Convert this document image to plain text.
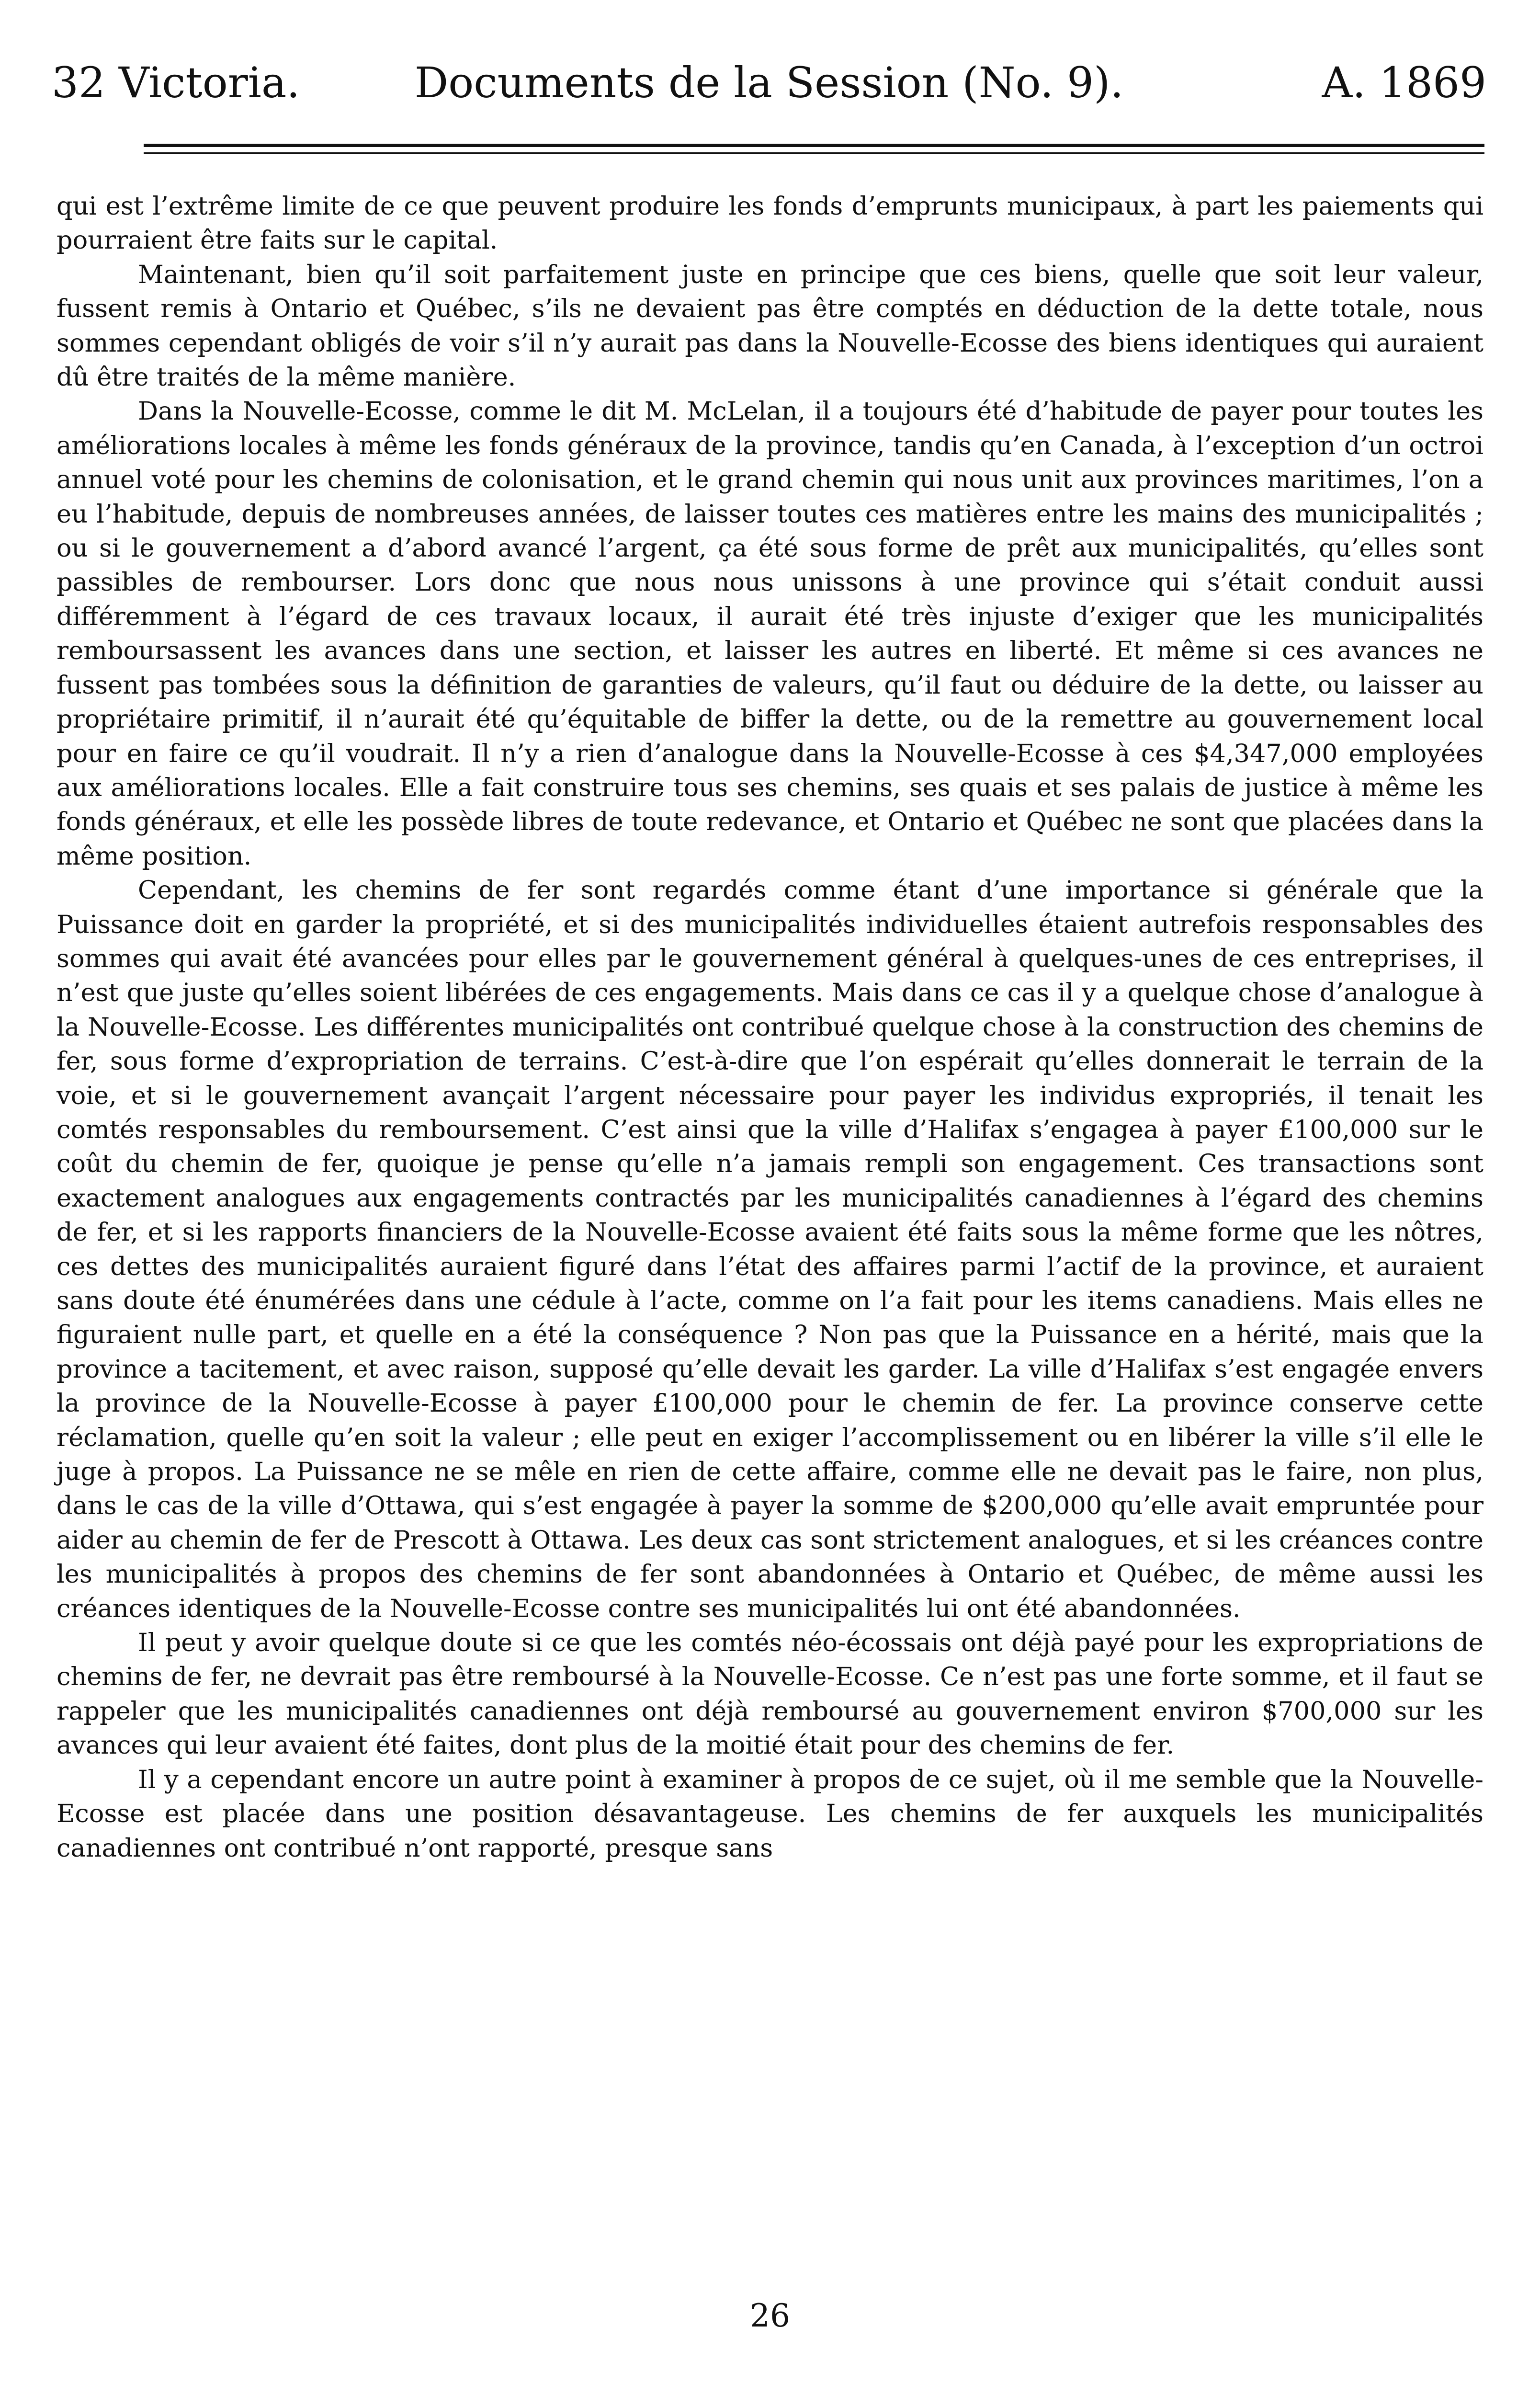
32 Victoria.	Documents de la Session (No. 9).	A. 1869

qui est l’extrême limite de ce que peuvent produire les fonds d’emprunts municipaux, à part les paiements qui pourraient être faits sur le capital.

Maintenant, bien qu’il soit parfaitement juste en principe que ces biens, quelle que soit leur valeur, fussent remis à Ontario et Québec, s’ils ne devaient pas être comptés en déduction de la dette totale, nous sommes cependant obligés de voir s’il n’y aurait pas dans la Nouvelle-Ecosse des biens identiques qui auraient dû être traités de la même manière.

Dans la Nouvelle-Ecosse, comme le dit M. McLelan, il a toujours été d’habitude de payer pour toutes les améliorations locales à même les fonds généraux de la province, tandis qu’en Canada, à l’exception d’un octroi annuel voté pour les chemins de colonisation, et le grand chemin qui nous unit aux provinces maritimes, l’on a eu l’habitude, depuis de nombreuses années, de laisser toutes ces matières entre les mains des municipalités ; ou si le gouvernement a d’abord avancé l’argent, ça été sous forme de prêt aux municipalités, qu’elles sont passibles de rembourser. Lors donc que nous nous unissons à une province qui s’était conduit aussi différemment à l’égard de ces travaux locaux, il aurait été très injuste d’exiger que les municipalités remboursassent les avances dans une section, et laisser les autres en liberté. Et même si ces avances ne fussent pas tombées sous la définition de garanties de valeurs, qu’il faut ou déduire de la dette, ou laisser au propriétaire primitif, il n’aurait été qu’équitable de biffer la dette, ou de la remettre au gouvernement local pour en faire ce qu’il voudrait. Il n’y a rien d’analogue dans la Nouvelle-Ecosse à ces $4,347,000 employées aux améliorations locales. Elle a fait construire tous ses chemins, ses quais et ses palais de justice à même les fonds généraux, et elle les possède libres de toute redevance, et Ontario et Québec ne sont que placées dans la même position.

Cependant, les chemins de fer sont regardés comme étant d’une importance si générale que la Puissance doit en garder la propriété, et si des municipalités individuelles étaient autrefois responsables des sommes qui avait été avancées pour elles par le gouvernement général à quelques-unes de ces entreprises, il n’est que juste qu’elles soient libérées de ces engagements. Mais dans ce cas il y a quelque chose d’analogue à la Nouvelle-Ecosse. Les différentes municipalités ont contribué quelque chose à la construction des chemins de fer, sous forme d’expropriation de terrains. C’est-à-dire que l’on espérait qu’elles donnerait le terrain de la voie, et si le gouvernement avançait l’argent nécessaire pour payer les individus expropriés, il tenait les comtés responsables du remboursement. C’est ainsi que la ville d’Halifax s’engagea à payer £100,000 sur le coût du chemin de fer, quoique je pense qu’elle n’a jamais rempli son engagement. Ces transactions sont exactement analogues aux engagements contractés par les municipalités canadiennes à l’égard des chemins de fer, et si les rapports financiers de la Nouvelle-Ecosse avaient été faits sous la même forme que les nôtres, ces dettes des municipalités auraient figuré dans l’état des affaires parmi l’actif de la province, et auraient sans doute été énumérées dans une cédule à l’acte, comme on l’a fait pour les items canadiens. Mais elles ne figuraient nulle part, et quelle en a été la conséquence ? Non pas que la Puissance en a hérité, mais que la province a tacitement, et avec raison, supposé qu’elle devait les garder. La ville d’Halifax s’est engagée envers la province de la Nouvelle-Ecosse à payer £100,000 pour le chemin de fer. La province conserve cette réclamation, quelle qu’en soit la valeur ; elle peut en exiger l’accomplissement ou en libérer la ville s’il elle le juge à propos. La Puissance ne se mêle en rien de cette affaire, comme elle ne devait pas le faire, non plus, dans le cas de la ville d’Ottawa, qui s’est engagée à payer la somme de $200,000 qu’elle avait empruntée pour aider au chemin de fer de Prescott à Ottawa. Les deux cas sont strictement analogues, et si les créances contre les municipalités à propos des chemins de fer sont abandonnées à Ontario et Québec, de même aussi les créances identiques de la Nouvelle-Ecosse contre ses municipalités lui ont été abandonnées.

Il peut y avoir quelque doute si ce que les comtés néo-écossais ont déjà payé pour les expropriations de chemins de fer, ne devrait pas être remboursé à la Nouvelle-Ecosse. Ce n’est pas une forte somme, et il faut se rappeler que les municipalités canadiennes ont déjà remboursé au gouvernement environ $700,000 sur les avances qui leur avaient été faites, dont plus de la moitié était pour des chemins de fer.

Il y a cependant encore un autre point à examiner à propos de ce sujet, où il me semble que la Nouvelle-Ecosse est placée dans une position désavantageuse. Les chemins de fer auxquels les municipalités canadiennes ont contribué n’ont rapporté, presque sans

26
